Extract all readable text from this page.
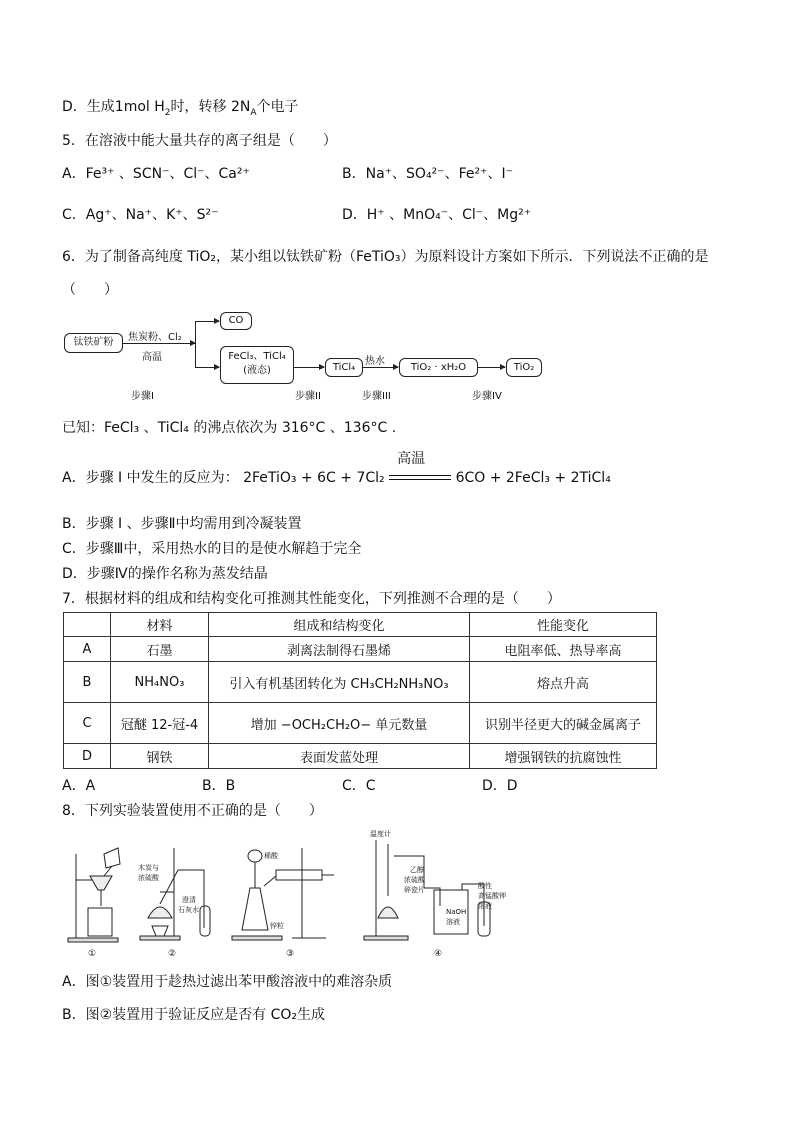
D．生成1mol $H_2$时，转移 $2N_A$个电子
5．在溶液中能大量共存的离子组是（　　）
A．Fe³⁺ 、SCN⁻、Cl⁻、Ca²⁺	B．Na⁺、SO₄²⁻、Fe²⁺、I⁻
C．Ag⁺、Na⁺、K⁺、S²⁻	D．H⁺ 、MnO₄⁻、Cl⁻、Mg²⁺
6．为了制备高纯度 TiO₂，某小组以钛铁矿粉（FeTiO₃）为原料设计方案如下所示．下列说法不正确的是
（　　）
钛铁矿粉	焦炭粉、Cl₂
高温
CO
FeCl₃、TiCl₄
(液态)	TiCl₄
热水
TiO₂ · xH₂O	TiO₂
步骤I	步骤II	步骤III	步骤IV
已知：FeCl₃ 、TiCl₄ 的沸点依次为 316°C 、136°C .
A．步骤 I 中发生的反应为： 2FeTiO₃ + 6C + 7Cl₂
高温
6CO + 2FeCl₃ + 2TiCl₄
B．步骤 I 、步骤Ⅱ中均需用到冷凝装置
C．步骤Ⅲ中，采用热水的目的是使水解趋于完全
D．步骤Ⅳ的操作名称为蒸发结晶
7．根据材料的组成和结构变化可推测其性能变化，下列推测不合理的是（　　）
	材料	组成和结构变化	性能变化
A	石墨	剥离法制得石墨烯	电阻率低、热导率高
B	NH₄NO₃	引入有机基团转化为 CH₃CH₂NH₃NO₃	熔点升高
C	冠醚 12-冠-4	增加 −OCH₂CH₂O− 单元数量	识别半径更大的碱金属离子
D	钢铁	表面发蓝处理	增强钢铁的抗腐蚀性
A．A	B．B	C．C	D．D
8．下列实验装置使用不正确的是（　　）
木炭与
浓硫酸
澄清
石灰水
稀酸
锌粒
温度计
乙醇
浓硫酸
碎瓷片
NaOH
溶液
酸性
高锰酸钾
溶液
①	②	③	④
A．图①装置用于趁热过滤出苯甲酸溶液中的难溶杂质
B．图②装置用于验证反应是否有 CO₂生成
